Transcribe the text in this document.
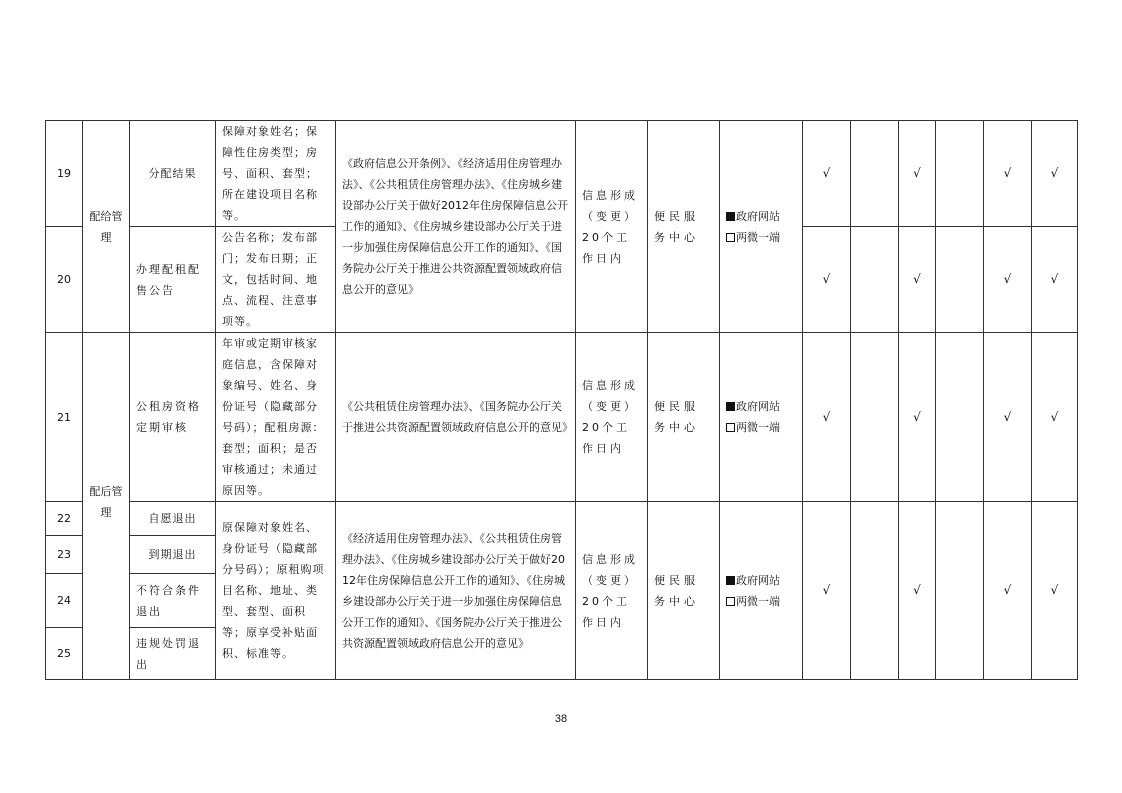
19	配给管理	分配结果	保障对象姓名；保障性住房类型；房号、面积、套型；所在建设项目名称等。	《政府信息公开条例》、《经济适用住房管理办法》、《公共租赁住房管理办法》、《住房城乡建设部办公厅关于做好2012年住房保障信息公开工作的通知》、《住房城乡建设部办公厅关于进一步加强住房保障信息公开工作的通知》、《国务院办公厅关于推进公共资源配置领域政府信息公开的意见》	信息形成（变更）20个工作日内	便民服务中心	政府网站
两微一端	√		√		√	√
20		办理配租配售公告	公告名称；发布部门；发布日期；正文，包括时间、地点、流程、注意事项等。					√		√		√	√
21	配后管理	公租房资格定期审核	年审或定期审核家庭信息，含保障对象编号、姓名、身份证号（隐藏部分号码）；配租房源：套型；面积；是否审核通过；未通过原因等。	《公共租赁住房管理办法》、《国务院办公厅关于推进公共资源配置领域政府信息公开的意见》	信息形成（变更）20个工作日内	便民服务中心	政府网站
两微一端	√		√		√	√
22		自愿退出	原保障对象姓名、身份证号（隐藏部分号码）；原租购项目名称、地址、类型、套型、面积等；原享受补贴面积、标准等。	《经济适用住房管理办法》、《公共租赁住房管理办法》、《住房城乡建设部办公厅关于做好2012年住房保障信息公开工作的通知》、《住房城乡建设部办公厅关于进一步加强住房保障信息公开工作的通知》、《国务院办公厅关于推进公共资源配置领域政府信息公开的意见》	信息形成（变更）20个工作日内	便民服务中心	政府网站
两微一端	√		√		√	√
23		到期退出											
24		不符合条件退出											
25		违规处罚退出											
38
